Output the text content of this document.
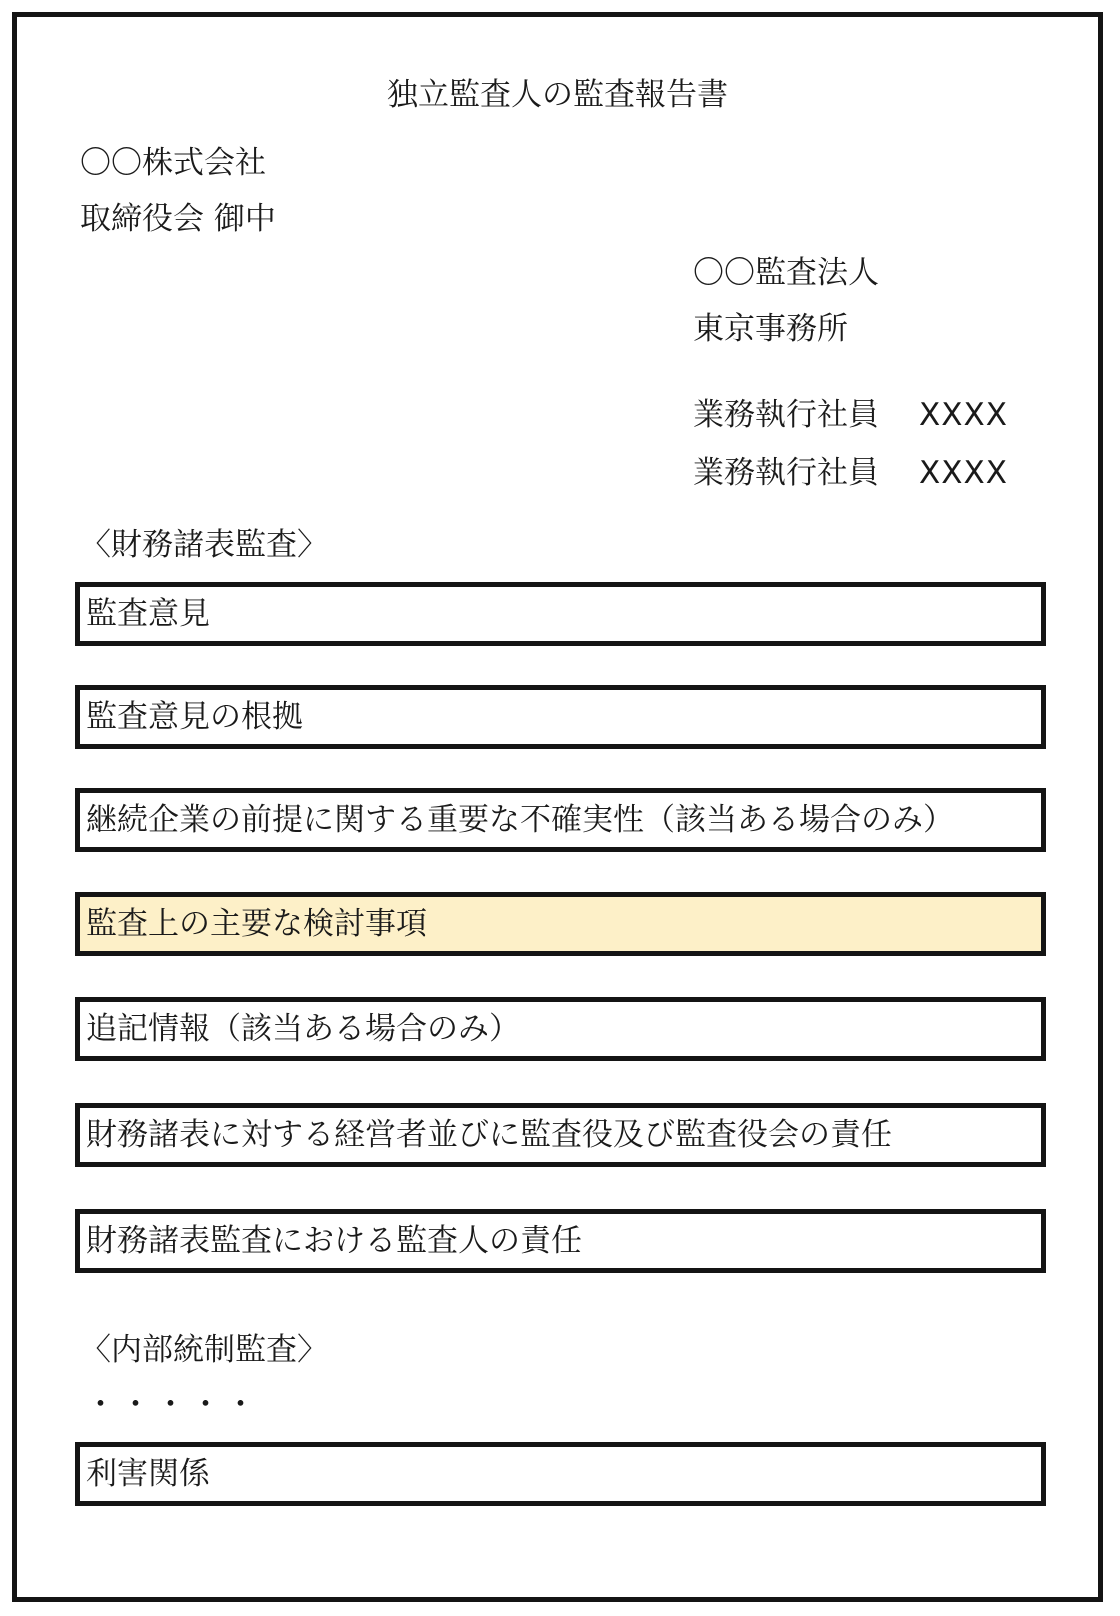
独立監査人の監査報告書
〇〇株式会社
取締役会 御中
〇〇監査法人
東京事務所
業務執行社員 XXXX
業務執行社員 XXXX
〈財務諸表監査〉
監査意見
監査意見の根拠
継続企業の前提に関する重要な不確実性（該当ある場合のみ）
監査上の主要な検討事項
追記情報（該当ある場合のみ）
財務諸表に対する経営者並びに監査役及び監査役会の責任
財務諸表監査における監査人の責任
〈内部統制監査〉
・・・・・
利害関係
